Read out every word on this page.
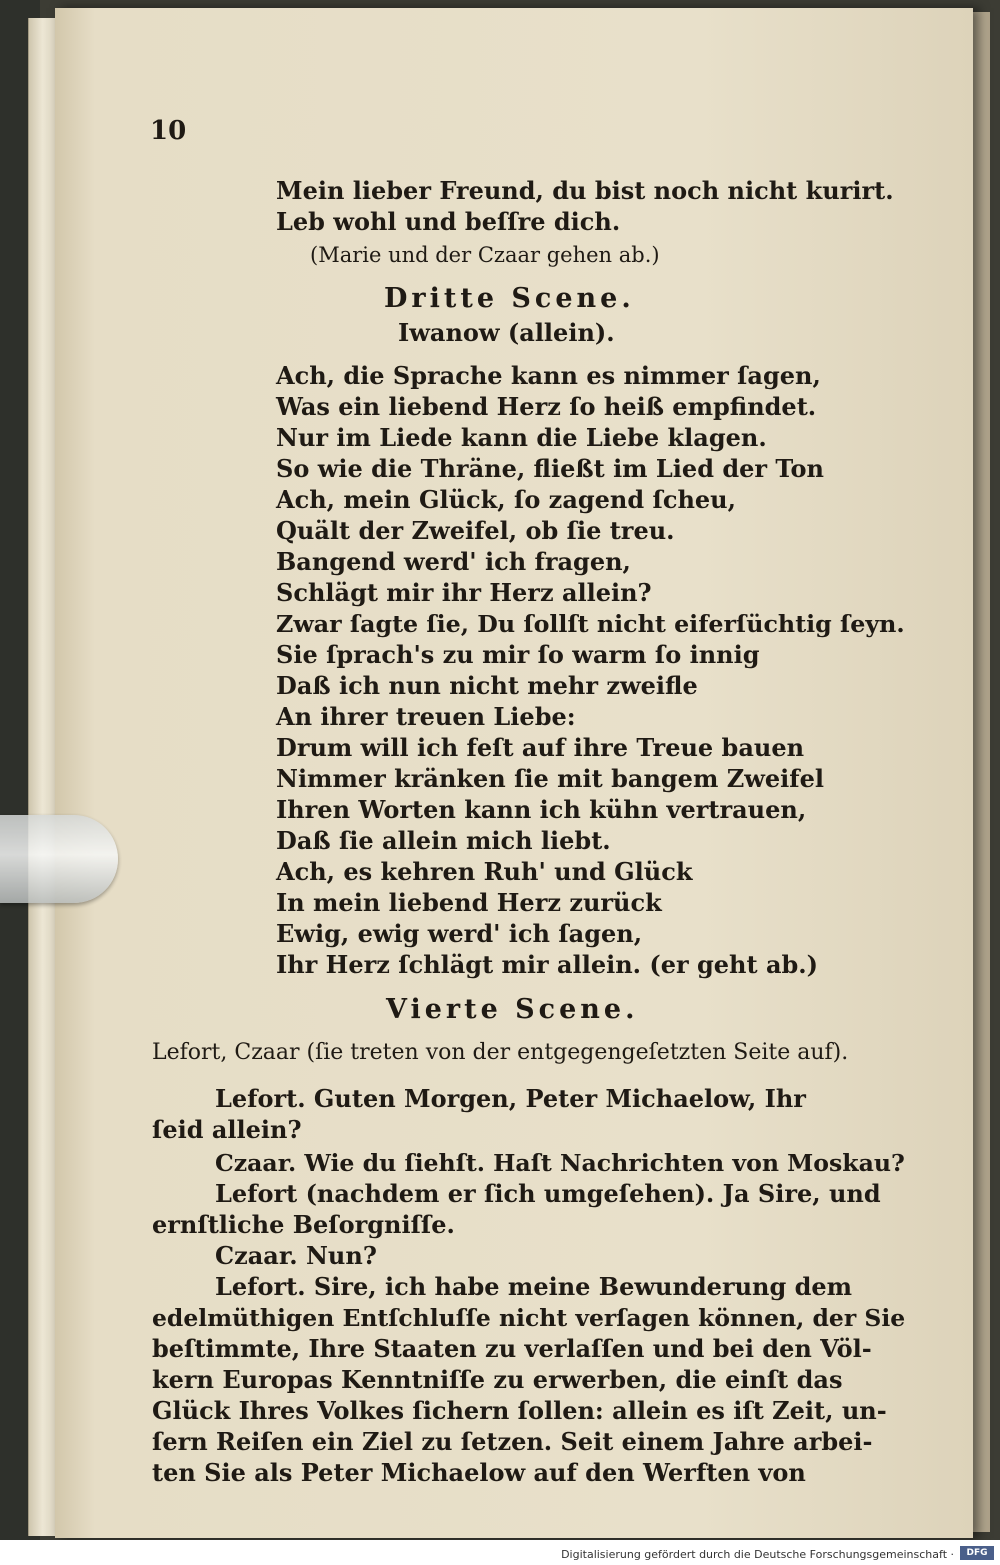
10
Mein lieber Freund, du bist noch nicht kurirt.
Leb wohl und beſſre dich.
(Marie und der Czaar gehen ab.)
Dritte Scene.
Iwanow (allein).
Ach, die Sprache kann es nimmer ſagen,
Was ein liebend Herz ſo heiß empfindet.
Nur im Liede kann die Liebe klagen.
So wie die Thräne, fließt im Lied der Ton
Ach, mein Glück, ſo zagend ſcheu,
Quält der Zweifel, ob ſie treu.
Bangend werd' ich fragen,
Schlägt mir ihr Herz allein?
Zwar ſagte ſie, Du ſollſt nicht eiferſüchtig ſeyn.
Sie ſprach's zu mir ſo warm ſo innig
Daß ich nun nicht mehr zweifle
An ihrer treuen Liebe:
Drum will ich feſt auf ihre Treue bauen
Nimmer kränken ſie mit bangem Zweifel
Ihren Worten kann ich kühn vertrauen,
Daß ſie allein mich liebt.
Ach, es kehren Ruh' und Glück
In mein liebend Herz zurück
Ewig, ewig werd' ich ſagen,
Ihr Herz ſchlägt mir allein. (er geht ab.)
Vierte Scene.
Lefort, Czaar (ſie treten von der entgegengeſetzten Seite auf).
Lefort. Guten Morgen, Peter Michaelow, Ihr
ſeid allein?
Czaar. Wie du ſiehſt. Haſt Nachrichten von Moskau?
Lefort (nachdem er ſich umgeſehen). Ja Sire, und
ernſtliche Beſorgniſſe.
Czaar. Nun?
Lefort. Sire, ich habe meine Bewunderung dem
edelmüthigen Entſchluſſe nicht verſagen können, der Sie
beſtimmte, Ihre Staaten zu verlaſſen und bei den Völ-
kern Europas Kenntniſſe zu erwerben, die einſt das
Glück Ihres Volkes ſichern ſollen: allein es iſt Zeit, un-
ſern Reiſen ein Ziel zu ſetzen. Seit einem Jahre arbei-
ten Sie als Peter Michaelow auf den Werften von
Digitalisierung gefördert durch die Deutsche Forschungsgemeinschaft ·	DFG
